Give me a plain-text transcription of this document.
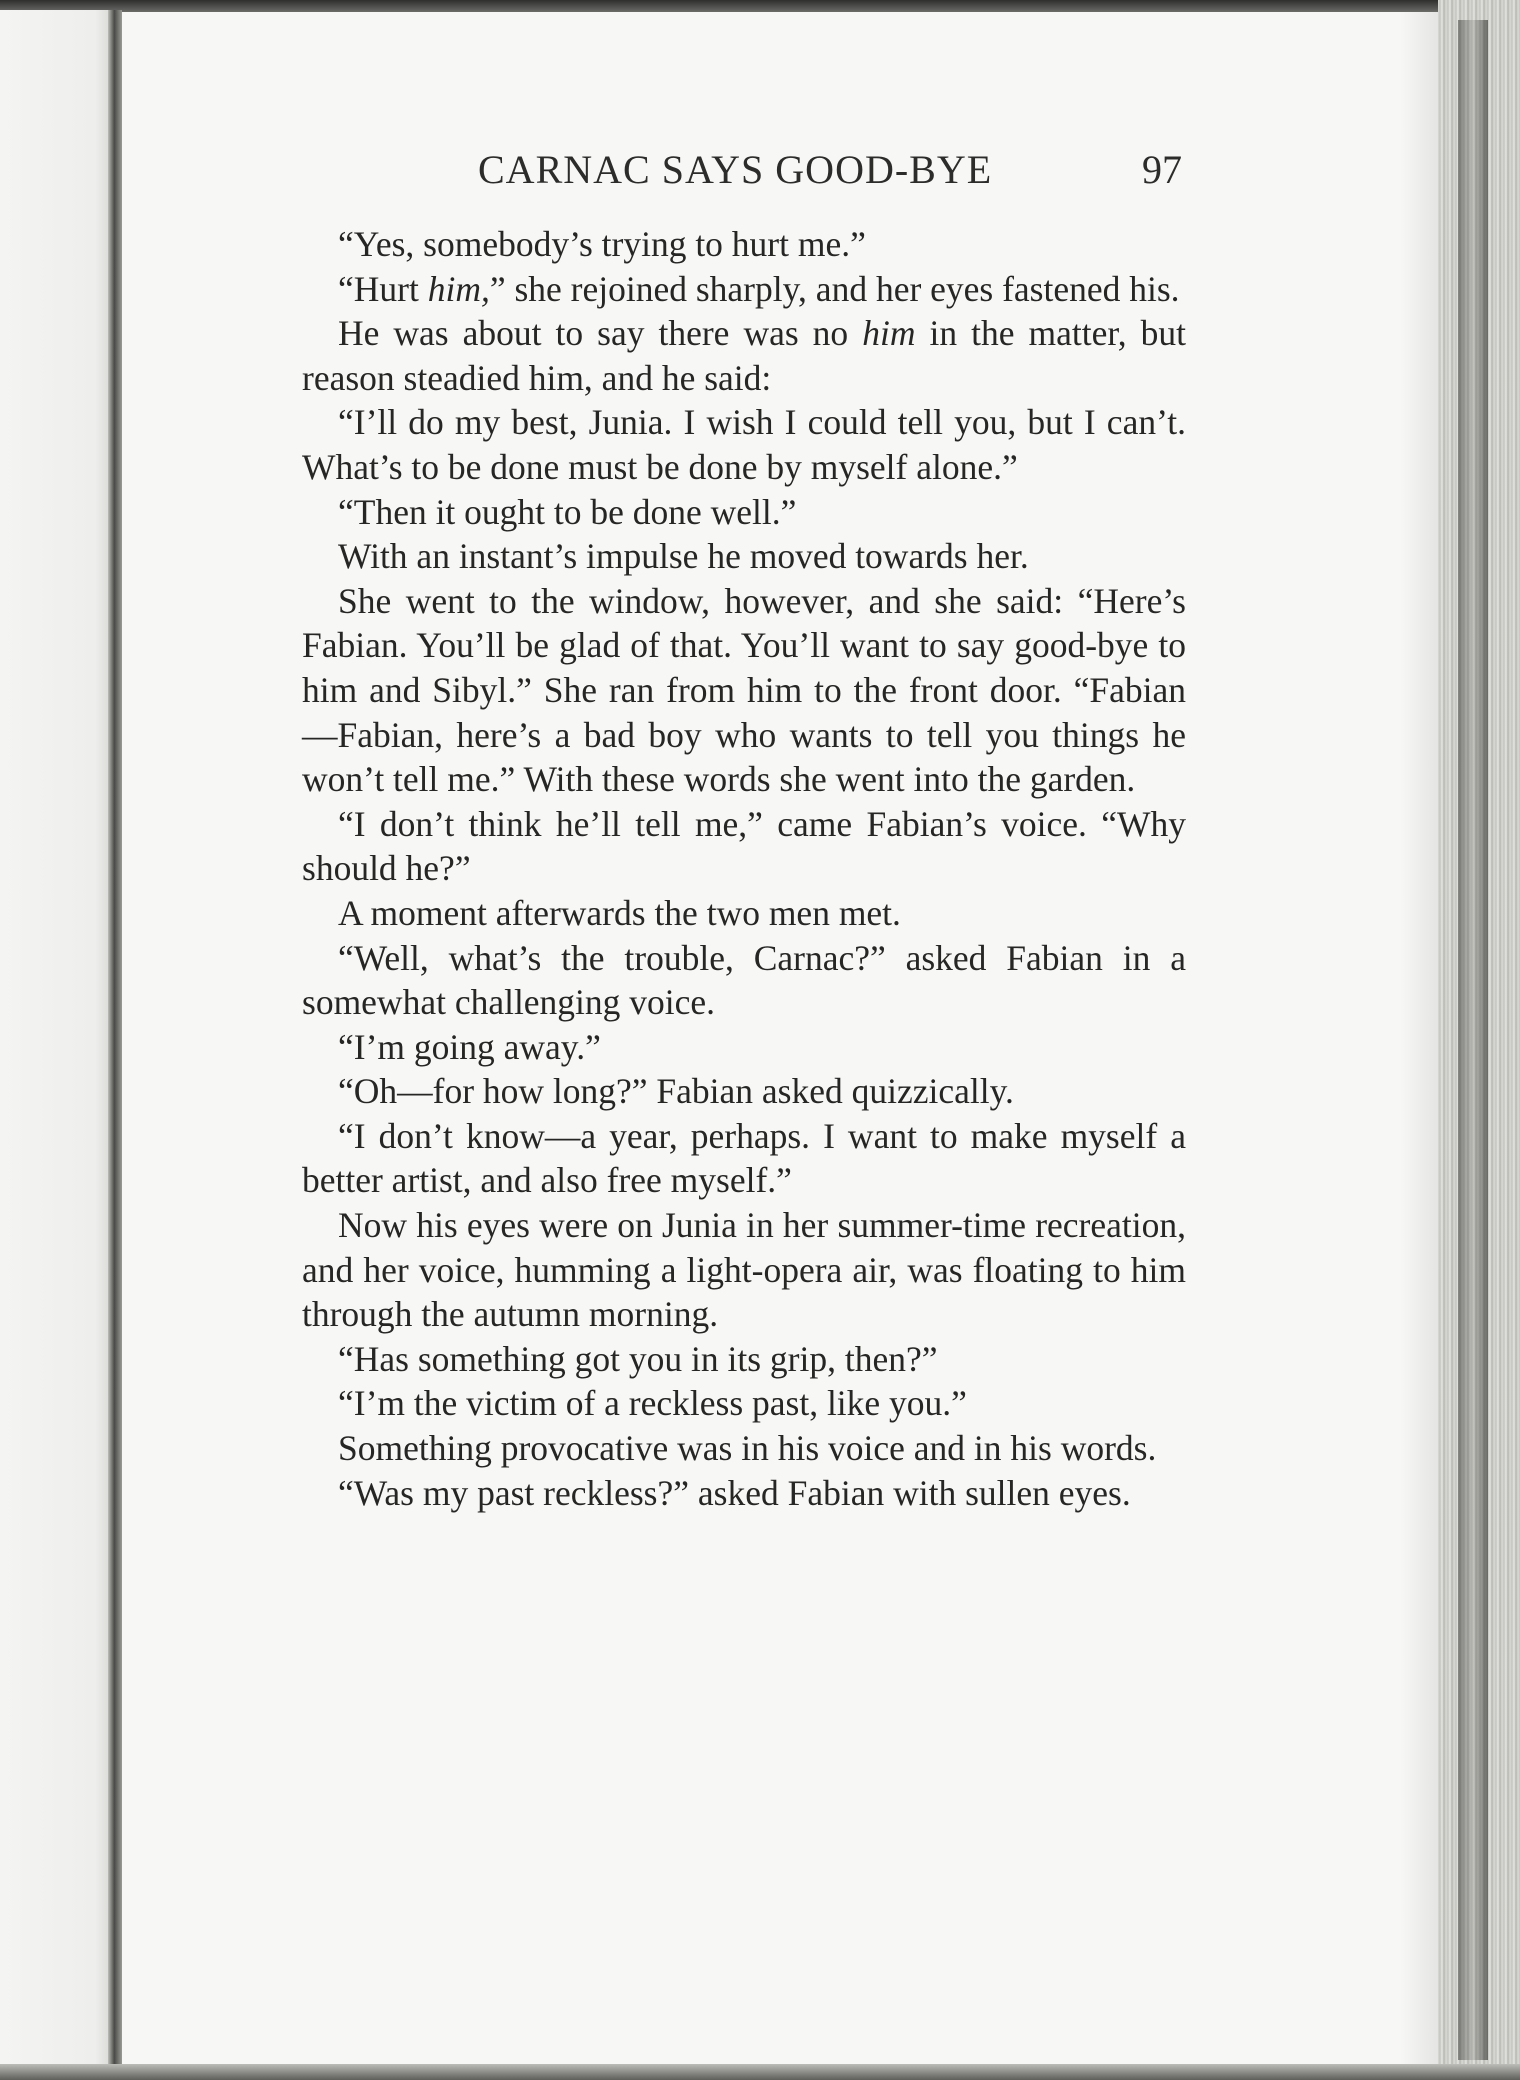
CARNAC SAYS GOOD-BYE	97

“Yes, somebody’s trying to hurt me.”

“Hurt him,” she rejoined sharply, and her eyes fastened his.

He was about to say there was no him in the matter, but reason steadied him, and he said:

“I’ll do my best, Junia. I wish I could tell you, but I can’t. What’s to be done must be done by myself alone.”

“Then it ought to be done well.”

With an instant’s impulse he moved towards her.

She went to the window, however, and she said: “Here’s Fabian. You’ll be glad of that. You’ll want to say good-bye to him and Sibyl.” She ran from him to the front door. “Fabian—Fabian, here’s a bad boy who wants to tell you things he won’t tell me.” With these words she went into the garden.

“I don’t think he’ll tell me,” came Fabian’s voice. “Why should he?”

A moment afterwards the two men met.

“Well, what’s the trouble, Carnac?” asked Fabian in a somewhat challenging voice.

“I’m going away.”

“Oh—for how long?” Fabian asked quizzically.

“I don’t know—a year, perhaps. I want to make myself a better artist, and also free myself.”

Now his eyes were on Junia in her summer-time recreation, and her voice, humming a light-opera air, was floating to him through the autumn morning.

“Has something got you in its grip, then?”

“I’m the victim of a reckless past, like you.”

Something provocative was in his voice and in his words.

“Was my past reckless?” asked Fabian with sullen eyes.
